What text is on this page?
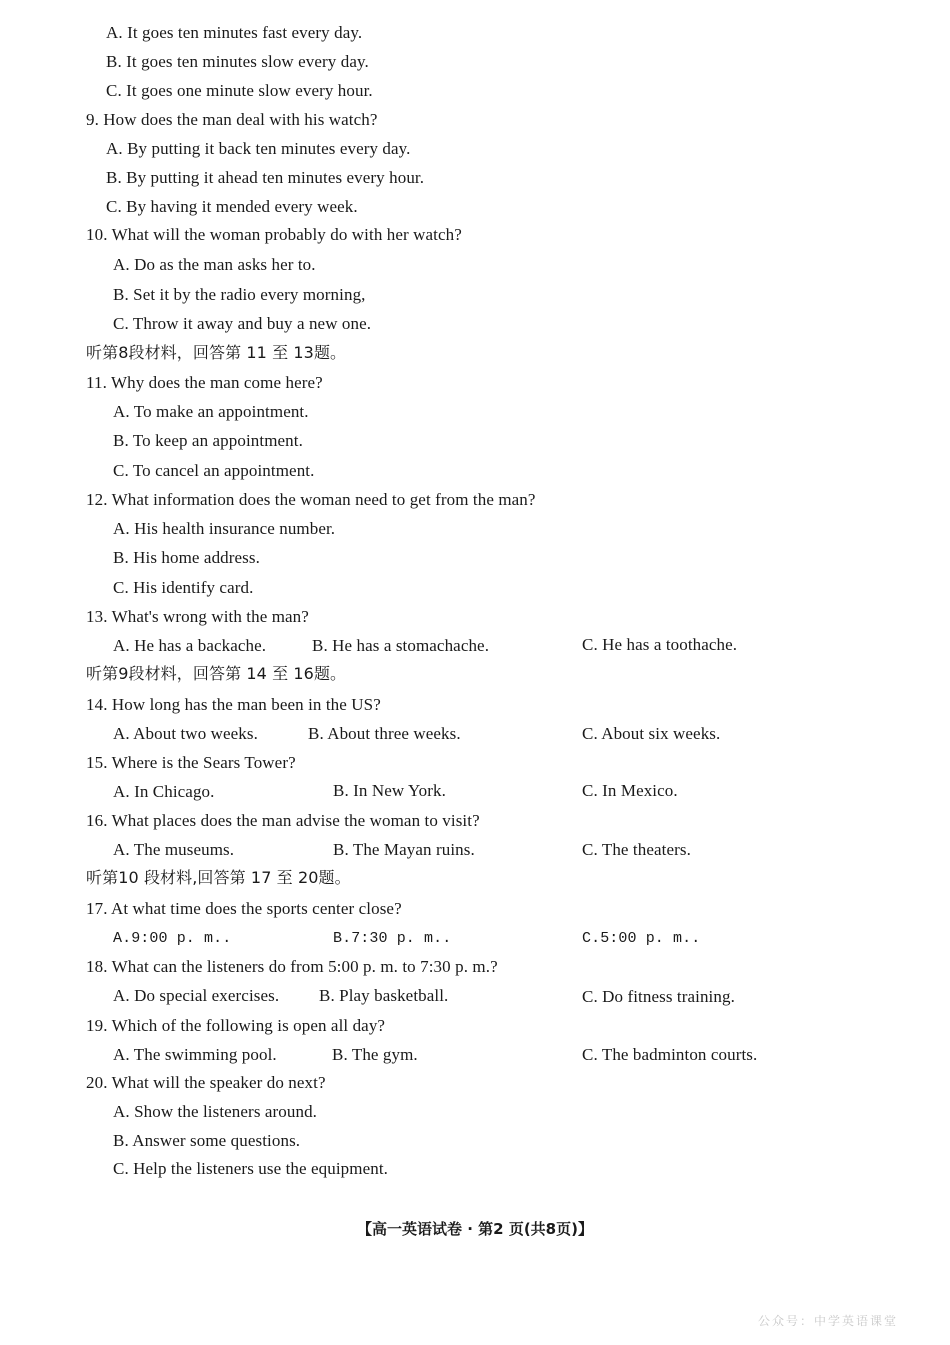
A. It goes ten minutes fast every day.
B. It goes ten minutes slow every day.
C. It goes one minute slow every hour.
9. How does the man deal with his watch?
A. By putting it back ten minutes every day.
B. By putting it ahead ten minutes every hour.
C. By having it mended every week.
10. What will the woman probably do with her watch?
A. Do as the man asks her to.
B. Set it by the radio every morning,
C. Throw it away and buy a new one.
听第8段材料，回答第 11 至 13题。
11. Why does the man come here?
A. To make an appointment.
B. To keep an appointment.
C. To cancel an appointment.
12. What information does the woman need to get from the man?
A. His health insurance number.
B. His home address.
C. His identify card.
13. What's wrong with the man?
A. He has a backache.	B. He has a stomachache.	C. He has a toothache.
听第9段材料，回答第 14 至 16题。
14. How long has the man been in the US?
A. About two weeks.	B. About three weeks.	C. About six weeks.
15. Where is the Sears Tower?
A. In Chicago.	B. In New York.	C. In Mexico.
16. What places does the man advise the woman to visit?
A. The museums.	B. The Mayan ruins.	C. The theaters.
听第10 段材料,回答第 17 至 20题。
17. At what time does the sports center close?
A.9:00 p. m..	B.7:30 p. m..	C.5:00 p. m..
18. What can the listeners do from 5:00 p. m. to 7:30 p. m.?
A. Do special exercises. B. Play basketball.	C. Do fitness training.
19. Which of the following is open all day?
A. The swimming pool.	B. The gym.	C. The badminton courts.
20. What will the speaker do next?
A. Show the listeners around.
B. Answer some questions.
C. Help the listeners use the equipment.
【高一英语试卷 · 第2 页(共8页)】
公众号：中学英语课堂
